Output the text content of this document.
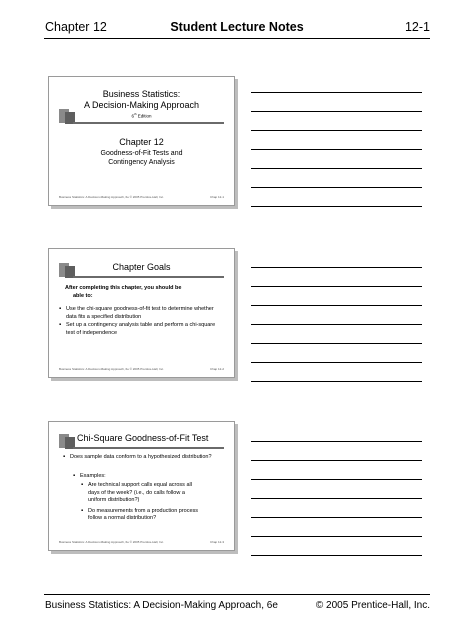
Chapter 12	Student Lecture Notes	12-1
Business Statistics:
A Decision-Making Approach
6th Edition
Chapter 12
Goodness-of-Fit Tests and
Contingency Analysis
Business Statistics: A Decision-Making Approach, 6e © 2005 Prentice-Hall, Inc.	Chap 12-1
Chapter Goals
After completing this chapter, you should be
able to:
▪ Use the chi-square goodness-of-fit test to determine whether data fits a specified distribution
▪ Set up a contingency analysis table and perform a chi-square test of independence
Business Statistics: A Decision-Making Approach, 6e © 2005 Prentice-Hall, Inc.	Chap 12-2
Chi-Square Goodness-of-Fit Test
▪ Does sample data conform to a hypothesized distribution?
▪ Examples:
▪ Are technical support calls equal across all days of the week? (i.e., do calls follow a uniform distribution?)
▪ Do measurements from a production process follow a normal distribution?
Business Statistics: A Decision-Making Approach, 6e © 2005 Prentice-Hall, Inc.	Chap 12-3
Business Statistics: A Decision-Making Approach, 6e	© 2005 Prentice-Hall, Inc.
